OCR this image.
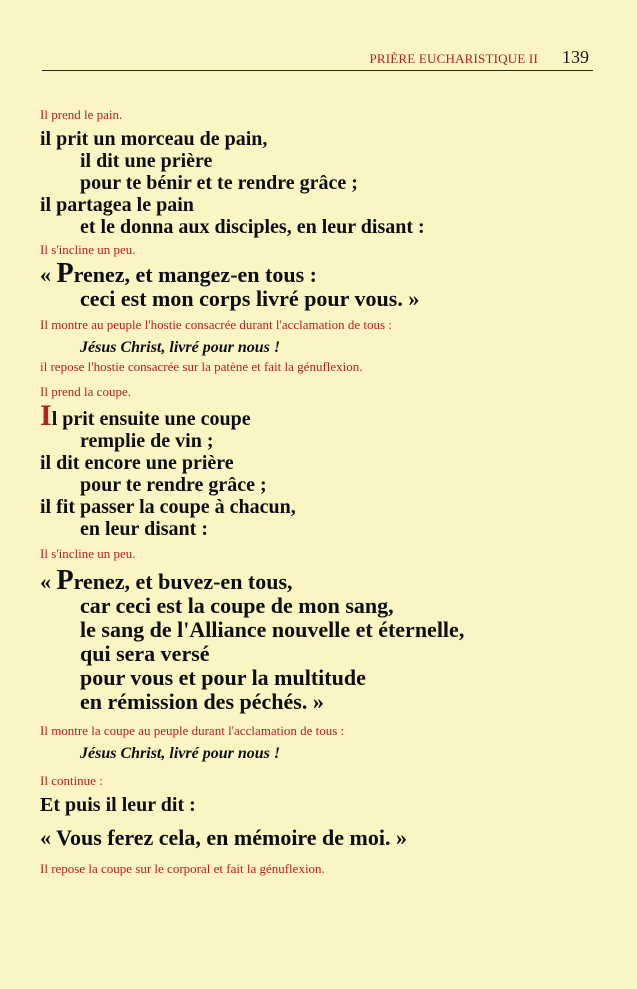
PRIÈRE EUCHARISTIQUE II 139
Il prend le pain.
il prit un morceau de pain,
il dit une prière
pour te bénir et te rendre grâce ;
il partagea le pain
et le donna aux disciples, en leur disant :
Il s'incline un peu.
« Prenez, et mangez-en tous :
ceci est mon corps livré pour vous. »
Il montre au peuple l'hostie consacrée durant l'acclamation de tous :
Jésus Christ, livré pour nous !
il repose l'hostie consacrée sur la patène et fait la génuflexion.
Il prend la coupe.
Il prit ensuite une coupe
remplie de vin ;
il dit encore une prière
pour te rendre grâce ;
il fit passer la coupe à chacun,
en leur disant :
Il s'incline un peu.
« Prenez, et buvez-en tous,
car ceci est la coupe de mon sang,
le sang de l'Alliance nouvelle et éternelle,
qui sera versé
pour vous et pour la multitude
en rémission des péchés. »
Il montre la coupe au peuple durant l'acclamation de tous :
Jésus Christ, livré pour nous !
Il continue :
Et puis il leur dit :
« Vous ferez cela, en mémoire de moi. »
Il repose la coupe sur le corporal et fait la génuflexion.
